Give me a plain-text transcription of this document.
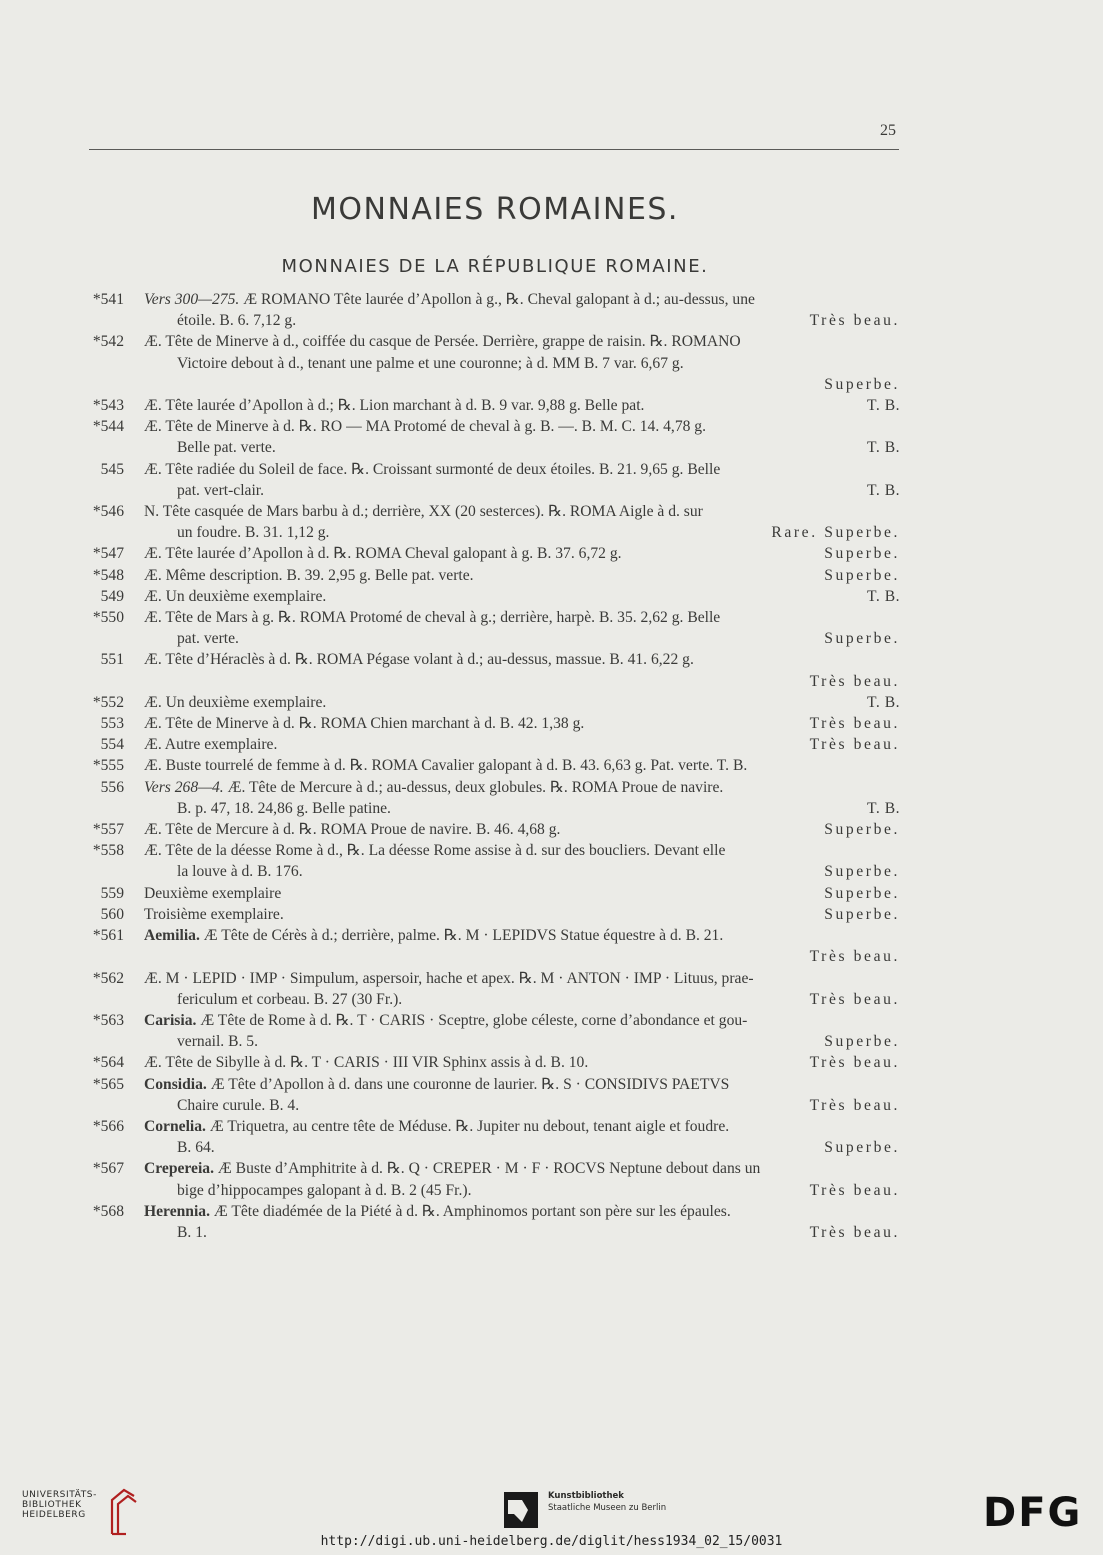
25
MONNAIES ROMAINES.
MONNAIES DE LA RÉPUBLIQUE ROMAINE.
*541 Vers 300—275. Æ ROMANO Tête laurée d’Apollon à g., ℞. Cheval galopant à d.; au-dessus, une
étoile. B. 6. 7,12 g.	Très beau.
*542 Æ. Tête de Minerve à d., coiffée du casque de Persée. Derrière, grappe de raisin. ℞. ROMANO
Victoire debout à d., tenant une palme et une couronne; à d. MM B. 7 var. 6,67 g.
Superbe.
*543 Æ. Tête laurée d’Apollon à d.; ℞. Lion marchant à d. B. 9 var. 9,88 g. Belle pat.	T. B.
*544 Æ. Tête de Minerve à d. ℞. RO — MA Protomé de cheval à g. B. —. B. M. C. 14. 4,78 g.
Belle pat. verte.	T. B.
545 Æ. Tête radiée du Soleil de face. ℞. Croissant surmonté de deux étoiles. B. 21. 9,65 g. Belle
pat. vert-clair.	T. B.
*546 N. Tête casquée de Mars barbu à d.; derrière, XX (20 sesterces). ℞. ROMA Aigle à d. sur
un foudre. B. 31. 1,12 g.	Rare. Superbe.
*547 Æ. Tête laurée d’Apollon à d. ℞. ROMA Cheval galopant à g. B. 37. 6,72 g.	Superbe.
*548 Æ. Même description. B. 39. 2,95 g. Belle pat. verte.	Superbe.
549 Æ. Un deuxième exemplaire.	T. B.
*550 Æ. Tête de Mars à g. ℞. ROMA Protomé de cheval à g.; derrière, harpè. B. 35. 2,62 g. Belle
pat. verte.	Superbe.
551 Æ. Tête d’Héraclès à d. ℞. ROMA Pégase volant à d.; au-dessus, massue. B. 41. 6,22 g.
Très beau.
*552 Æ. Un deuxième exemplaire.	T. B.
553 Æ. Tête de Minerve à d. ℞. ROMA Chien marchant à d. B. 42. 1,38 g.	Très beau.
554 Æ. Autre exemplaire.	Très beau.
*555 Æ. Buste tourrelé de femme à d. ℞. ROMA Cavalier galopant à d. B. 43. 6,63 g. Pat. verte. T. B.
556 Vers 268—4. Æ. Tête de Mercure à d.; au-dessus, deux globules. ℞. ROMA Proue de navire.
B. p. 47, 18. 24,86 g. Belle patine.	T. B.
*557 Æ. Tête de Mercure à d. ℞. ROMA Proue de navire. B. 46. 4,68 g.	Superbe.
*558 Æ. Tête de la déesse Rome à d., ℞. La déesse Rome assise à d. sur des boucliers. Devant elle
la louve à d. B. 176.	Superbe.
559 Deuxième exemplaire	Superbe.
560 Troisième exemplaire.	Superbe.
*561 Aemilia. Æ Tête de Cérès à d.; derrière, palme. ℞. M · LEPIDVS Statue équestre à d. B. 21.
Très beau.
*562 Æ. M · LEPID · IMP · Simpulum, aspersoir, hache et apex. ℞. M · ANTON · IMP · Lituus, prae-
fericulum et corbeau. B. 27 (30 Fr.).	Très beau.
*563 Carisia. Æ Tête de Rome à d. ℞. T · CARIS · Sceptre, globe céleste, corne d’abondance et gou-
vernail. B. 5.	Superbe.
*564 Æ. Tête de Sibylle à d. ℞. T · CARIS · III VIR Sphinx assis à d. B. 10.	Très beau.
*565 Considia. Æ Tête d’Apollon à d. dans une couronne de laurier. ℞. S · CONSIDIVS PAETVS
Chaire curule. B. 4.	Très beau.
*566 Cornelia. Æ Triquetra, au centre tête de Méduse. ℞. Jupiter nu debout, tenant aigle et foudre.
B. 64.	Superbe.
*567 Crepereia. Æ Buste d’Amphitrite à d. ℞. Q · CREPER · M · F · ROCVS Neptune debout dans un
bige d’hippocampes galopant à d. B. 2 (45 Fr.).	Très beau.
*568 Herennia. Æ Tête diadémée de la Piété à d. ℞. Amphinomos portant son père sur les épaules.
B. 1.	Très beau.
UNIVERSITÄTS-
BIBLIOTHEK
HEIDELBERG
Kunstbibliothek
Staatliche Museen zu Berlin	DFG
http://digi.ub.uni-heidelberg.de/diglit/hess1934_02_15/0031
